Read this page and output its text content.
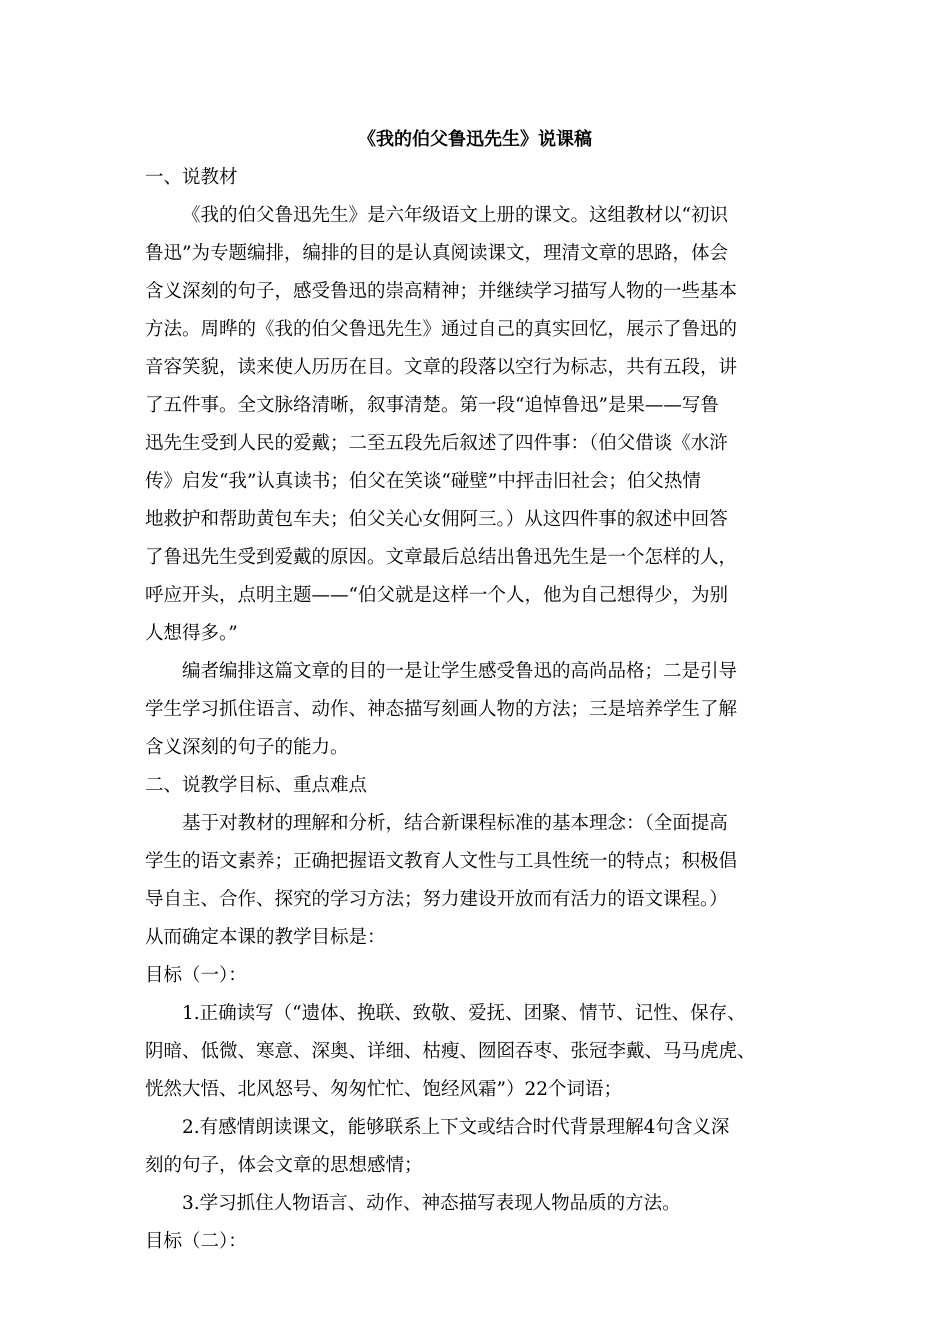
《我的伯父鲁迅先生》说课稿
一、说教材
《我的伯父鲁迅先生》是六年级语文上册的课文。这组教材以“初识
鲁迅”为专题编排，编排的目的是认真阅读课文，理清文章的思路，体会
含义深刻的句子，感受鲁迅的崇高精神；并继续学习描写人物的一些基本
方法。周晔的《我的伯父鲁迅先生》通过自己的真实回忆，展示了鲁迅的
音容笑貌，读来使人历历在目。文章的段落以空行为标志，共有五段，讲
了五件事。全文脉络清晰，叙事清楚。第一段“追悼鲁迅”是果——写鲁
迅先生受到人民的爱戴；二至五段先后叙述了四件事：（伯父借谈《水浒
传》启发“我”认真读书；伯父在笑谈“碰壁”中抨击旧社会；伯父热情
地救护和帮助黄包车夫；伯父关心女佣阿三。）从这四件事的叙述中回答
了鲁迅先生受到爱戴的原因。文章最后总结出鲁迅先生是一个怎样的人，
呼应开头，点明主题——“伯父就是这样一个人，他为自己想得少，为别
人想得多。”
编者编排这篇文章的目的一是让学生感受鲁迅的高尚品格；二是引导
学生学习抓住语言、动作、神态描写刻画人物的方法；三是培养学生了解
含义深刻的句子的能力。
二、说教学目标、重点难点
基于对教材的理解和分析，结合新课程标准的基本理念：（全面提高
学生的语文素养；正确把握语文教育人文性与工具性统一的特点；积极倡
导自主、合作、探究的学习方法；努力建设开放而有活力的语文课程。）
从而确定本课的教学目标是：
目标（一）：
1.正确读写（“遗体、挽联、致敬、爱抚、团聚、情节、记性、保存、
阴暗、低微、寒意、深奥、详细、枯瘦、囫囵吞枣、张冠李戴、马马虎虎、
恍然大悟、北风怒号、匆匆忙忙、饱经风霜”）22个词语；
2.有感情朗读课文，能够联系上下文或结合时代背景理解4句含义深
刻的句子，体会文章的思想感情；
3.学习抓住人物语言、动作、神态描写表现人物品质的方法。
目标（二）：
